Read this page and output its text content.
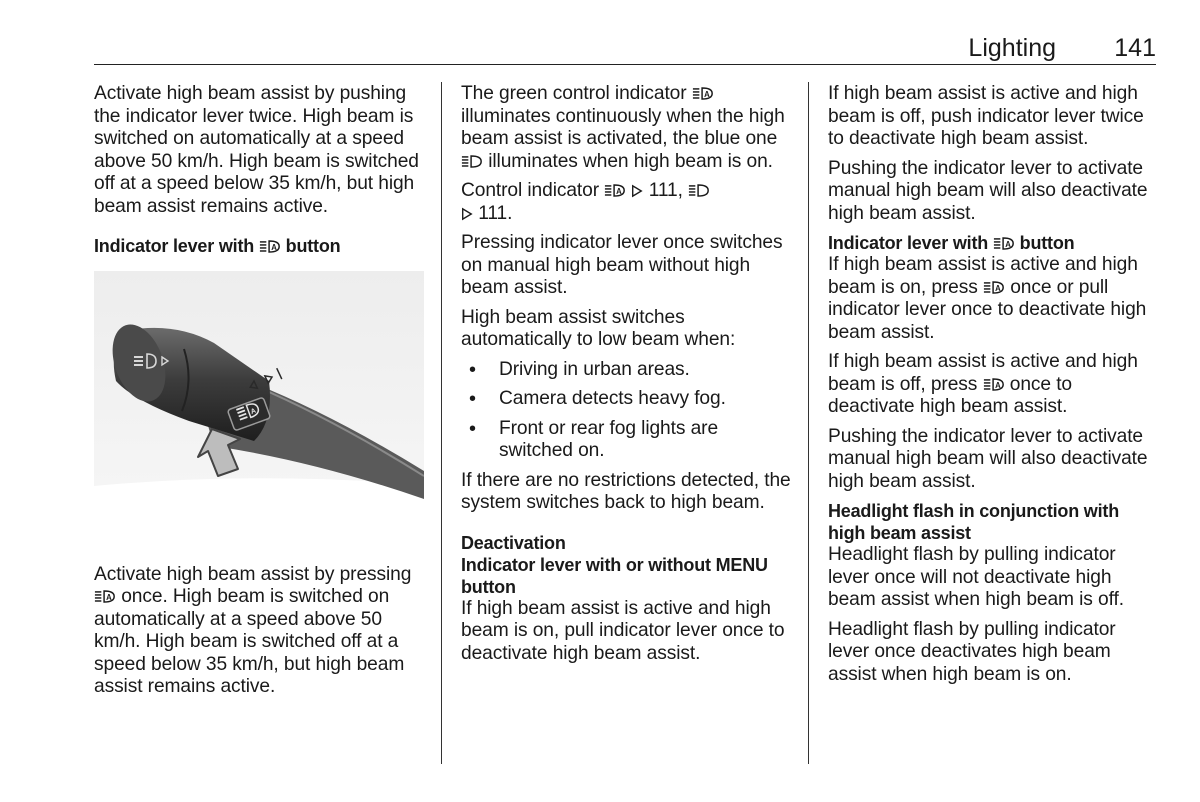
Lighting 141

Activate high beam assist by pushing the indicator lever twice. High beam is switched on automatically at a speed above 50 km/h. High beam is switched off at a speed below 35 km/h, but high beam assist remains active.

Indicator lever with button
A

Activate high beam assist by pressing  once. High beam is switched on automatically at a speed above 50 km/h. High beam is switched off at a speed below 35 km/h, but high beam assist remains active.

The green control indicator  illuminates continuously when the high beam assist is activated, the blue one  illuminates when high beam is on.

Control indicator	111,
111.

Pressing indicator lever once switches on manual high beam without high beam assist.

High beam assist switches automatically to low beam when:

• Driving in urban areas.
• Camera detects heavy fog.
• Front or rear fog lights are switched on.

If there are no restrictions detected, the system switches back to high beam.

Deactivation
Indicator lever with or without MENU button

If high beam assist is active and high beam is on, pull indicator lever once to deactivate high beam assist.

If high beam assist is active and high beam is off, push indicator lever twice to deactivate high beam assist.

Pushing the indicator lever to activate manual high beam will also deactivate high beam assist.

Indicator lever with button

If high beam assist is active and high beam is on, press once or pull indicator lever once to deactivate high beam assist.

If high beam assist is active and high beam is off, press once to deactivate high beam assist.

Pushing the indicator lever to activate manual high beam will also deactivate high beam assist.

Headlight flash in conjunction with high beam assist

Headlight flash by pulling indicator lever once will not deactivate high beam assist when high beam is off.

Headlight flash by pulling indicator lever once deactivates high beam assist when high beam is on.
